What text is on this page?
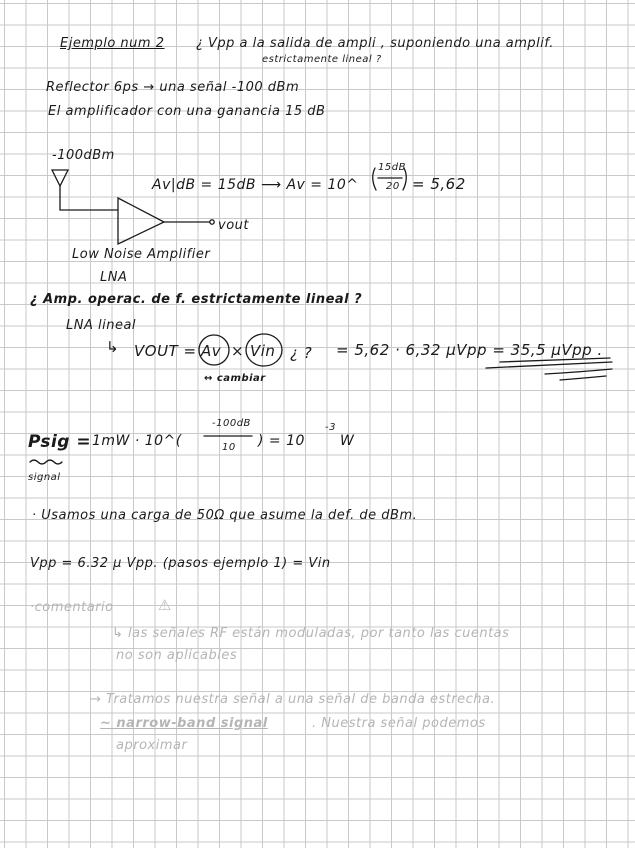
Ejemplo num 2 ¿ Vpp a la salida de ampli , suponiendo una amplif.
estrictamente lineal ?
Reflector 6ps → una señal -100 dBm
El amplificador con una ganancia 15 dB
-100dBm
Av|dB = 15dB ⟶ Av = 10^
15dB
20 = 5,62
vout
Low Noise Amplifier
LNA
¿ Amp. operac. de f. estrictamente lineal ?
LNA lineal
↳ VOUT = Av × Vin ¿ ? = 5,62 · 6,32 μVpp = 35,5 μVpp .
↔ cambiar
Psig = 1mW · 10^(
-100dB
10 ) = 10
-3
W
signal
· Usamos una carga de 50Ω que asume la def. de dBm.
Vpp = 6.32 μ Vpp. (pasos ejemplo 1) = Vin
·comentario	⚠
↳ las señales RF están moduladas, por tanto las cuentas
no son aplicables
→ Tratamos nuestra señal a una señal de banda estrecha.
~ narrow-band signal	. Nuestra señal podemos
aproximar
